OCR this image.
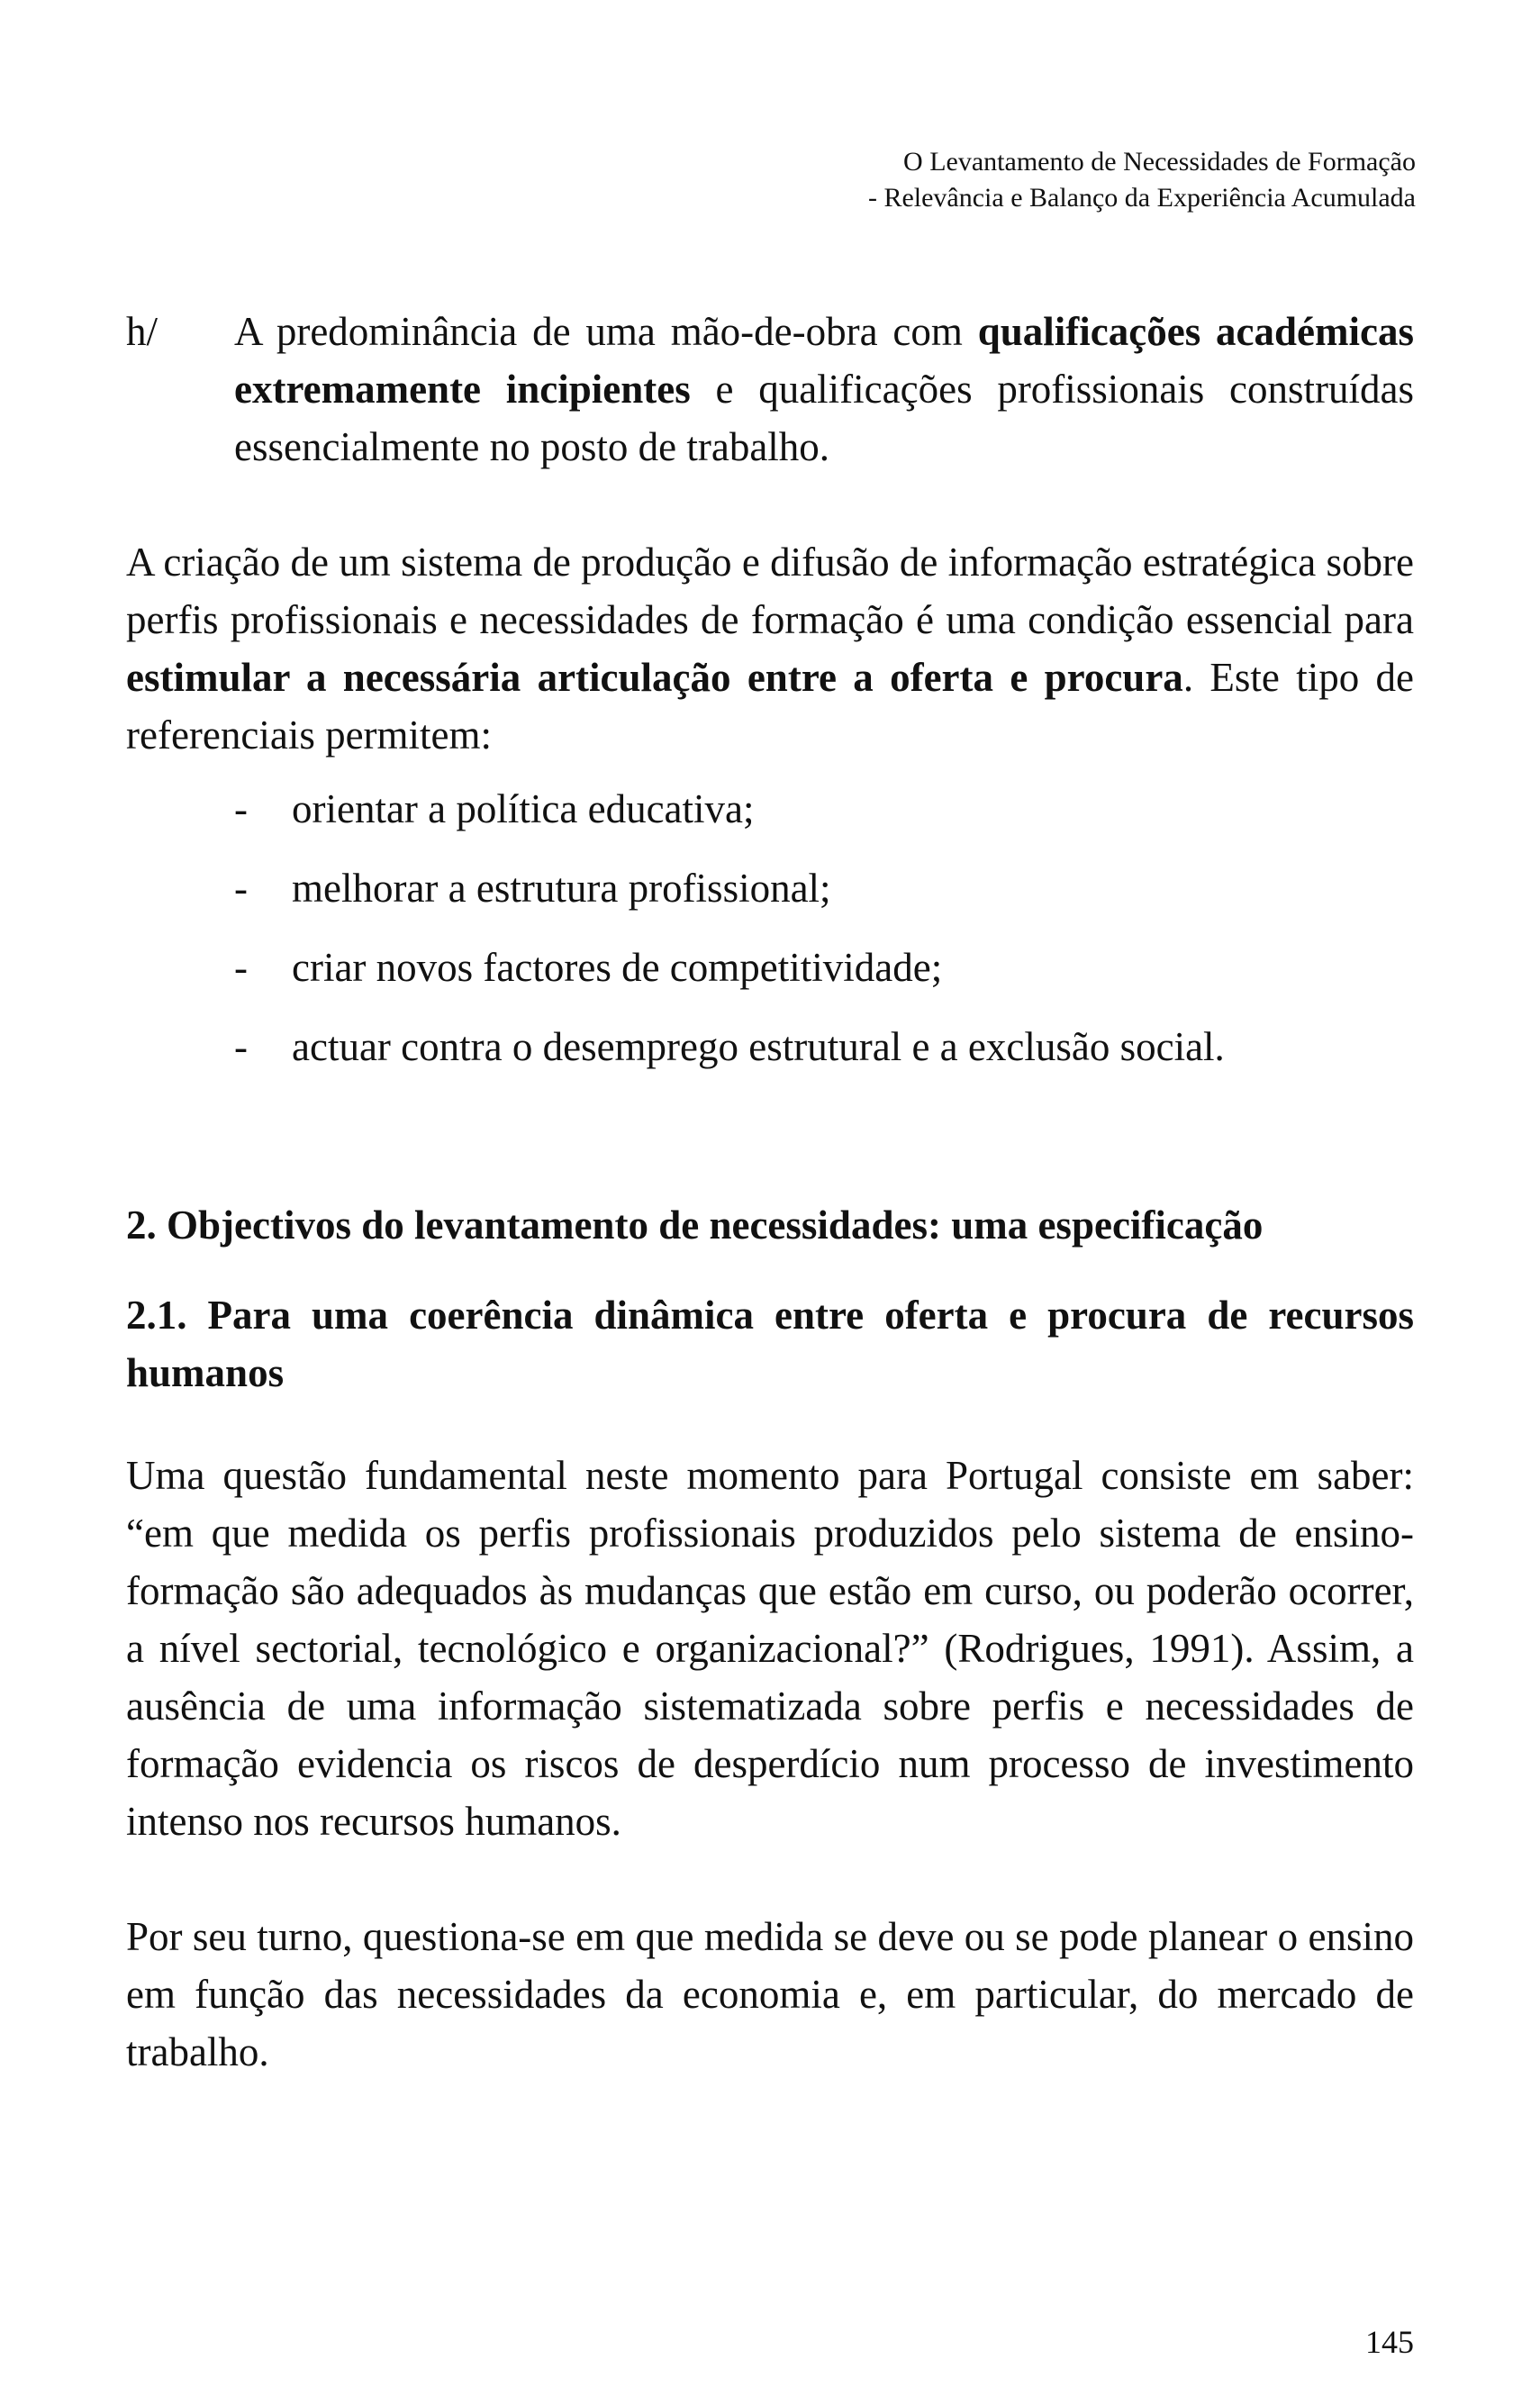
O Levantamento de Necessidades de Formação
- Relevância e Balanço da Experiência Acumulada

h/ A predominância de uma mão-de-obra com qualificações académicas extremamente incipientes e qualificações profissionais construídas essencialmente no posto de trabalho.

A criação de um sistema de produção e difusão de informação estratégica sobre perfis profissionais e necessidades de formação é uma condição essencial para estimular a necessária articulação entre a oferta e procura. Este tipo de referenciais permitem:

- orientar a política educativa;
- melhorar a estrutura profissional;
- criar novos factores de competitividade;
- actuar contra o desemprego estrutural e a exclusão social.
2. Objectivos do levantamento de necessidades: uma especificação
2.1. Para uma coerência dinâmica entre oferta e procura de recursos humanos

Uma questão fundamental neste momento para Portugal consiste em saber: “em que medida os perfis profissionais produzidos pelo sistema de ensino-formação são adequados às mudanças que estão em curso, ou poderão ocorrer, a nível sectorial, tecnológico e organizacional?” (Rodrigues, 1991). Assim, a ausência de uma informação sistematizada sobre perfis e necessidades de formação evidencia os riscos de desperdício num processo de investimento intenso nos recursos humanos.

Por seu turno, questiona-se em que medida se deve ou se pode planear o ensino em função das necessidades da economia e, em particular, do mercado de trabalho.

145
